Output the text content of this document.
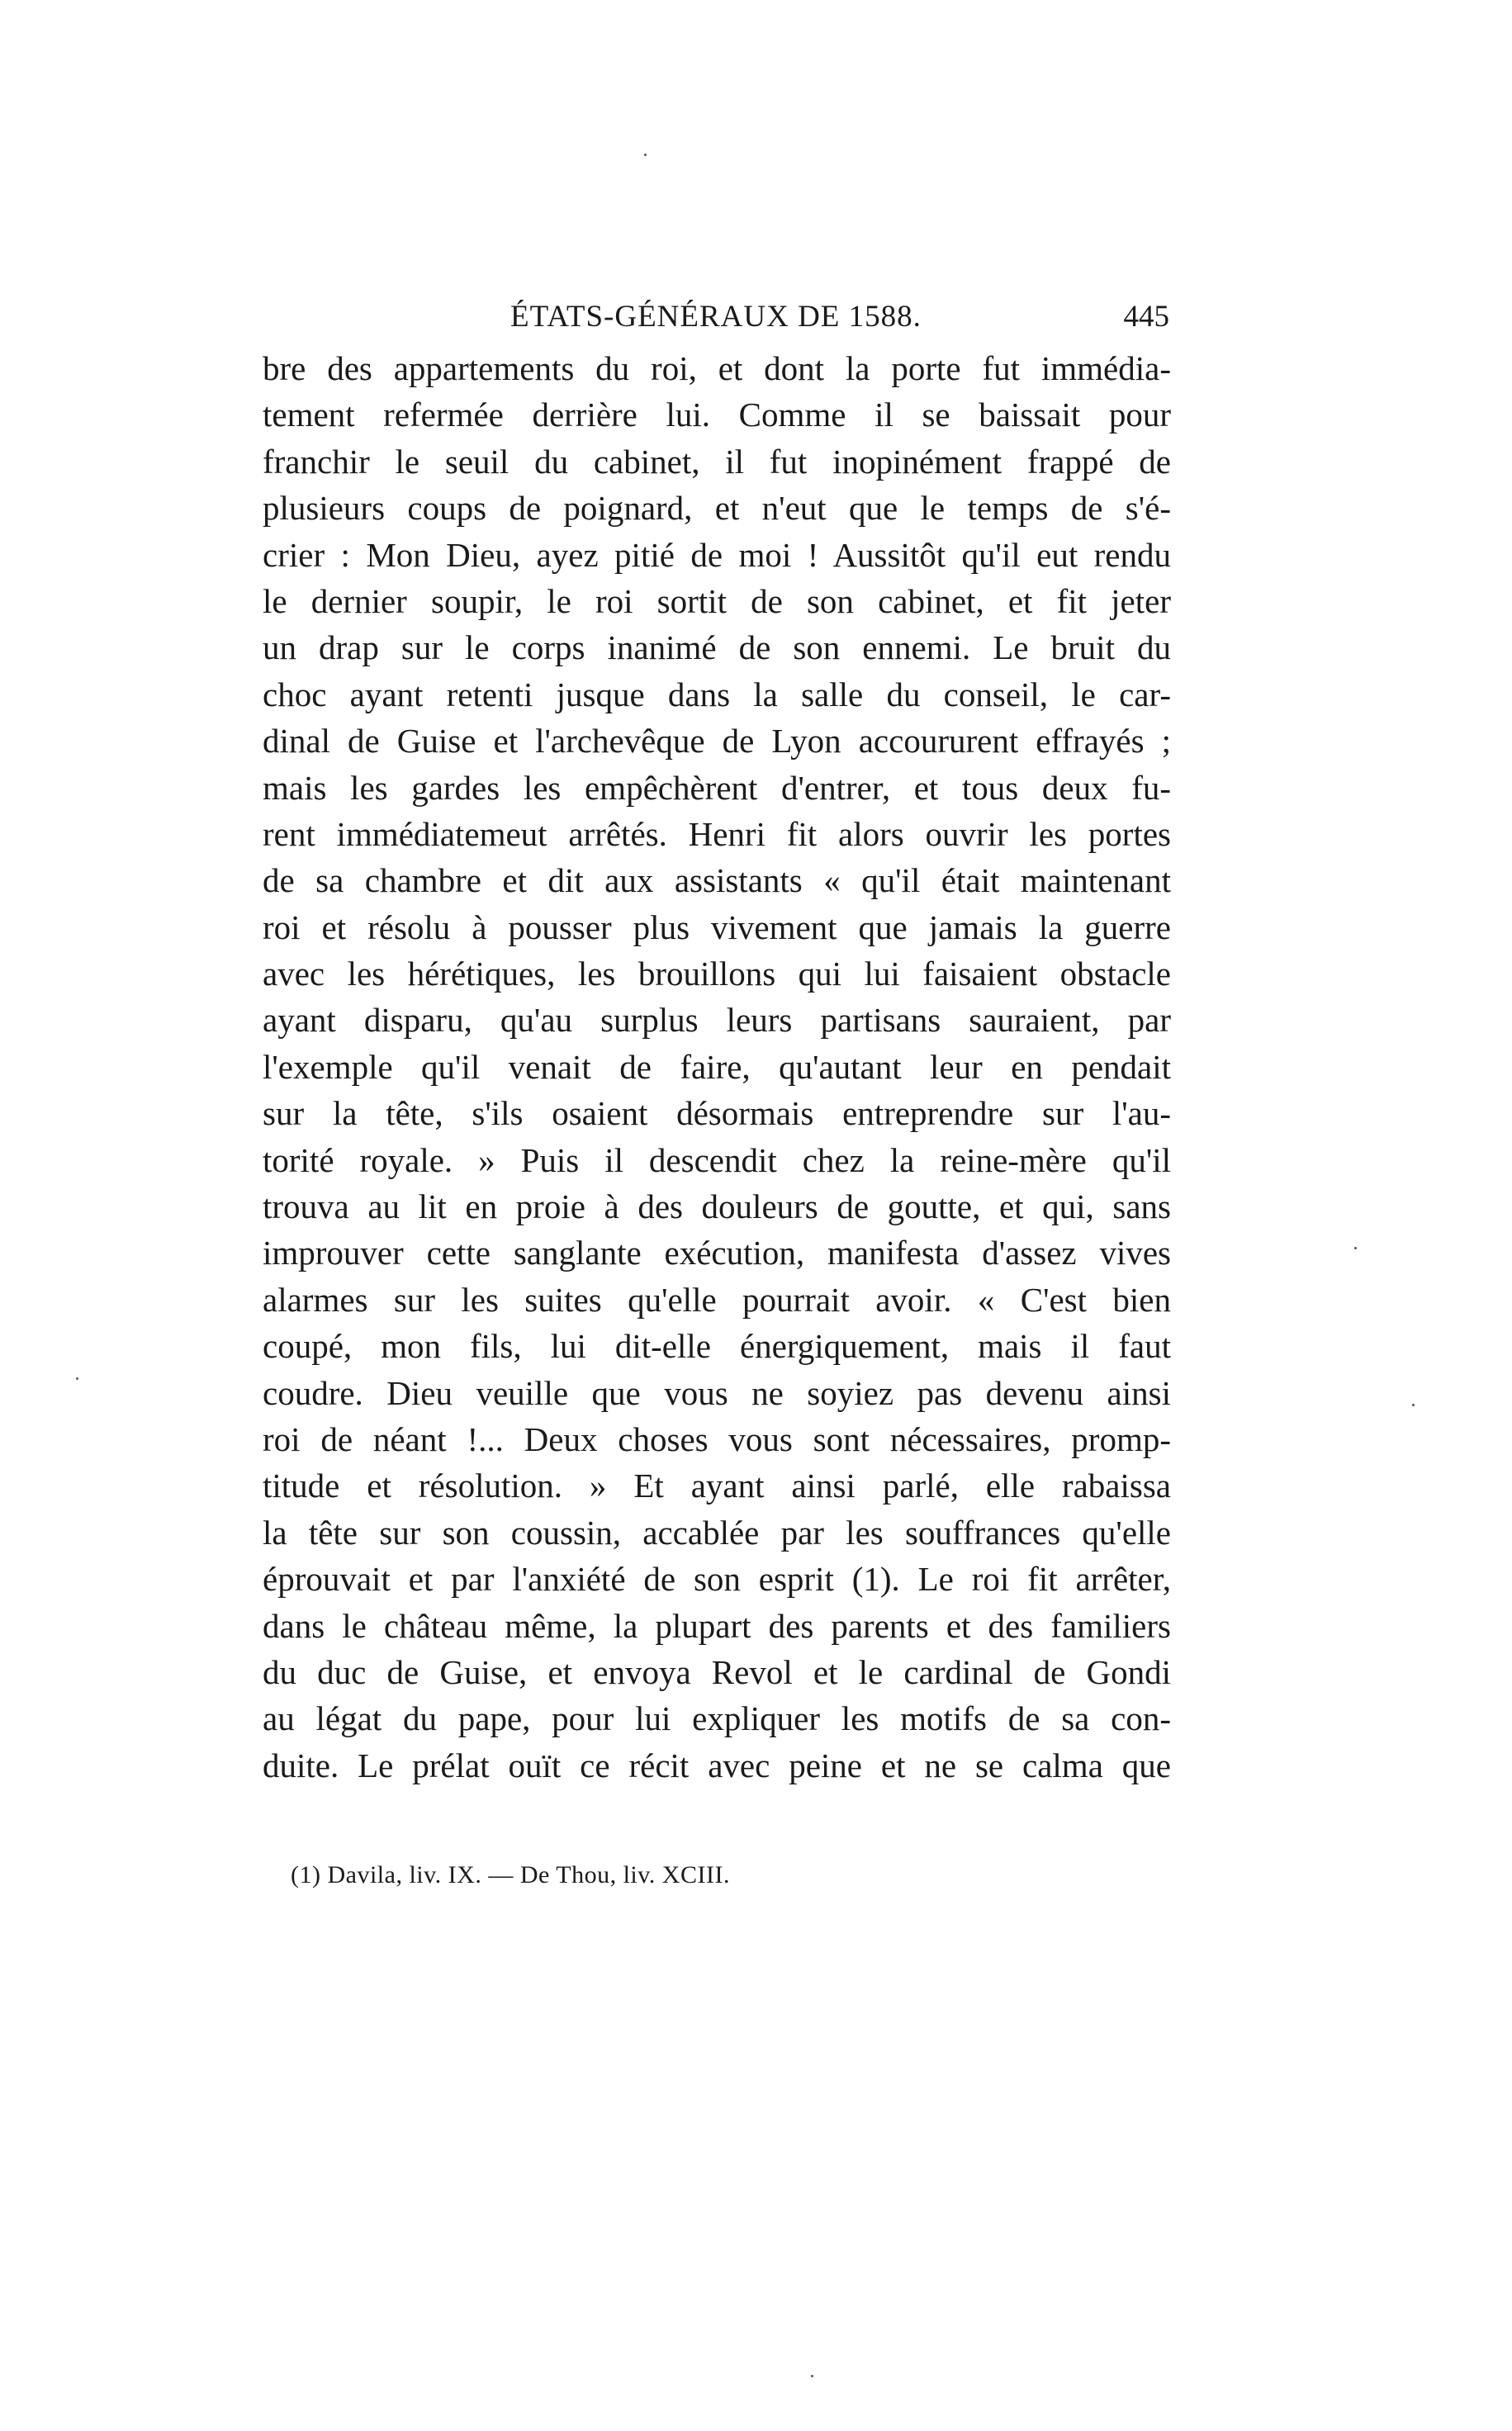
ÉTATS-GÉNÉRAUX DE 1588.	445
bre des appartements du roi, et dont la porte fut immédia-
tement refermée derrière lui. Comme il se baissait pour
franchir le seuil du cabinet, il fut inopinément frappé de
plusieurs coups de poignard, et n'eut que le temps de s'é-
crier : Mon Dieu, ayez pitié de moi ! Aussitôt qu'il eut rendu
le dernier soupir, le roi sortit de son cabinet, et fit jeter
un drap sur le corps inanimé de son ennemi. Le bruit du
choc ayant retenti jusque dans la salle du conseil, le car-
dinal de Guise et l'archevêque de Lyon accoururent effrayés ;
mais les gardes les empêchèrent d'entrer, et tous deux fu-
rent immédiatemeut arrêtés. Henri fit alors ouvrir les portes
de sa chambre et dit aux assistants « qu'il était maintenant
roi et résolu à pousser plus vivement que jamais la guerre
avec les hérétiques, les brouillons qui lui faisaient obstacle
ayant disparu, qu'au surplus leurs partisans sauraient, par
l'exemple qu'il venait de faire, qu'autant leur en pendait
sur la tête, s'ils osaient désormais entreprendre sur l'au-
torité royale. » Puis il descendit chez la reine-mère qu'il
trouva au lit en proie à des douleurs de goutte, et qui, sans
improuver cette sanglante exécution, manifesta d'assez vives
alarmes sur les suites qu'elle pourrait avoir. « C'est bien
coupé, mon fils, lui dit-elle énergiquement, mais il faut
coudre. Dieu veuille que vous ne soyiez pas devenu ainsi
roi de néant !... Deux choses vous sont nécessaires, promp-
titude et résolution. » Et ayant ainsi parlé, elle rabaissa
la tête sur son coussin, accablée par les souffrances qu'elle
éprouvait et par l'anxiété de son esprit (1). Le roi fit arrêter,
dans le château même, la plupart des parents et des familiers
du duc de Guise, et envoya Revol et le cardinal de Gondi
au légat du pape, pour lui expliquer les motifs de sa con-
duite. Le prélat ouït ce récit avec peine et ne se calma que
(1) Davila, liv. IX. — De Thou, liv. XCIII.
